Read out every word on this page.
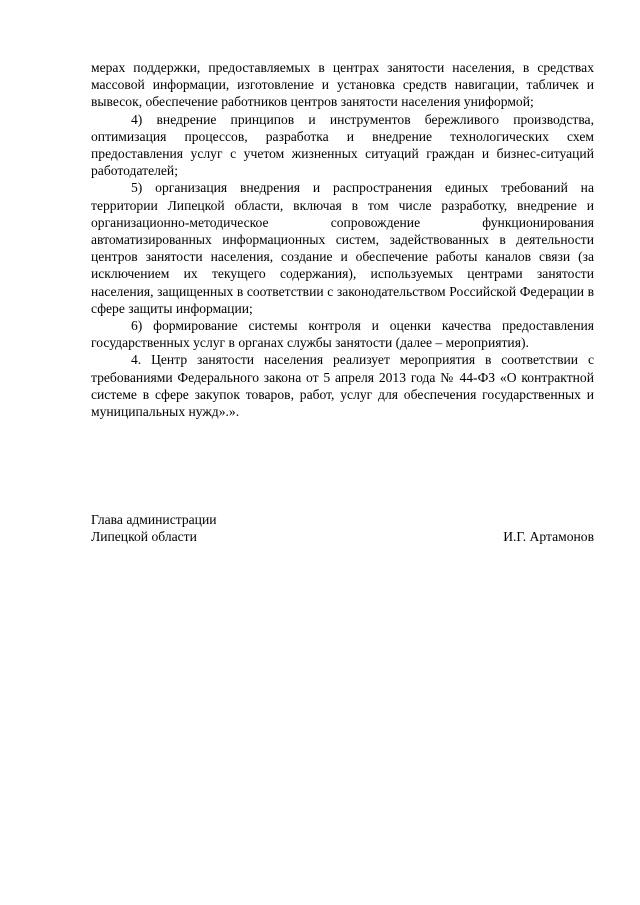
мерах поддержки, предоставляемых в центрах занятости населения, в средствах массовой информации, изготовление и установка средств навигации, табличек и вывесок, обеспечение работников центров занятости населения униформой;

4) внедрение принципов и инструментов бережливого производства, оптимизация процессов, разработка и внедрение технологических схем предоставления услуг с учетом жизненных ситуаций граждан и бизнес-ситуаций работодателей;

5) организация внедрения и распространения единых требований на территории Липецкой области, включая в том числе разработку, внедрение и организационно-методическое сопровождение функционирования автоматизированных информационных систем, задействованных в деятельности центров занятости населения, создание и обеспечение работы каналов связи (за исключением их текущего содержания), используемых центрами занятости населения, защищенных в соответствии с законодательством Российской Федерации в сфере защиты информации;

6) формирование системы контроля и оценки качества предоставления государственных услуг в органах службы занятости (далее – мероприятия).

4. Центр занятости населения реализует мероприятия в соответствии с требованиями Федерального закона от 5 апреля 2013 года № 44-ФЗ «О контрактной системе в сфере закупок товаров, работ, услуг для обеспечения государственных и муниципальных нужд».».

Глава администрации
Липецкой области	И.Г. Артамонов
